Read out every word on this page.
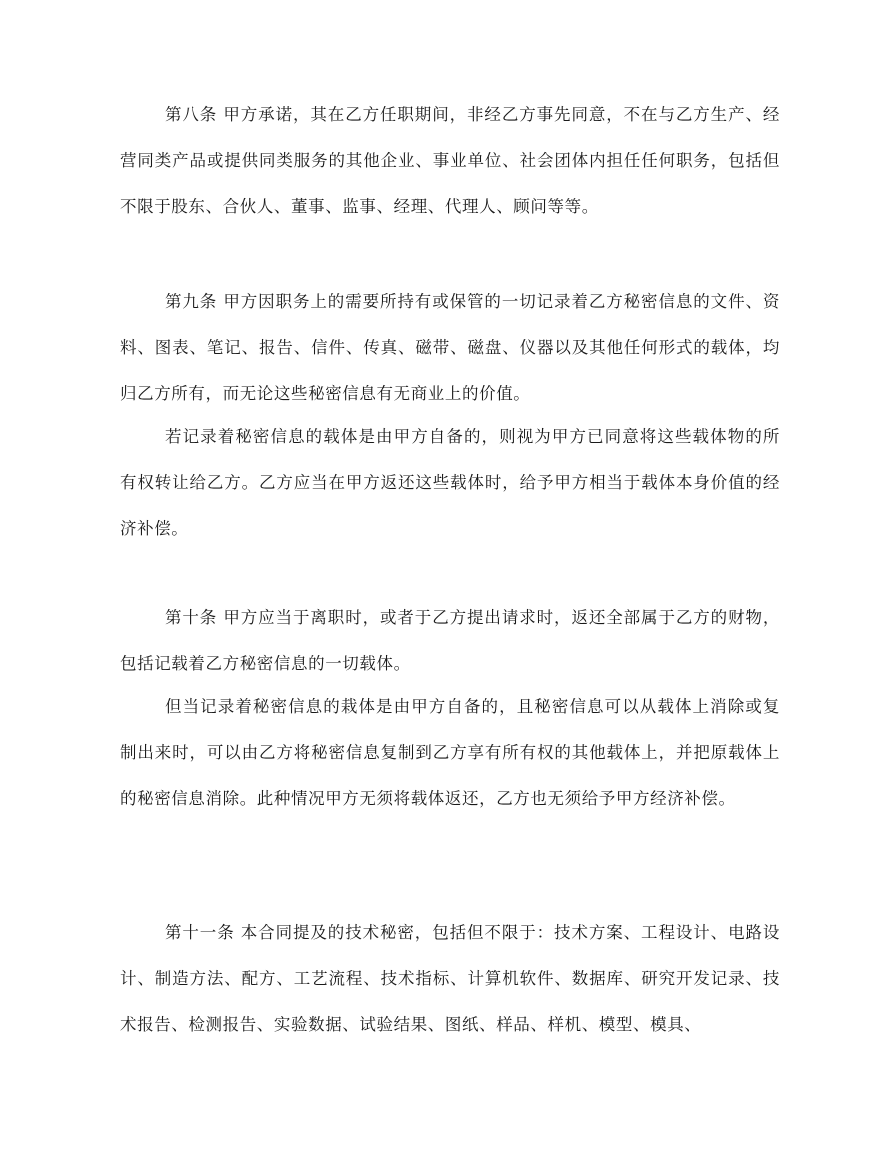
第八条 甲方承诺，其在乙方任职期间，非经乙方事先同意，不在与乙方生产、经营同类产品或提供同类服务的其他企业、事业单位、社会团体内担任任何职务，包括但不限于股东、合伙人、董事、监事、经理、代理人、顾问等等。

第九条 甲方因职务上的需要所持有或保管的一切记录着乙方秘密信息的文件、资料、图表、笔记、报告、信件、传真、磁带、磁盘、仪器以及其他任何形式的载体，均归乙方所有，而无论这些秘密信息有无商业上的价值。

若记录着秘密信息的载体是由甲方自备的，则视为甲方已同意将这些载体物的所有权转让给乙方。乙方应当在甲方返还这些载体时，给予甲方相当于载体本身价值的经济补偿。

第十条 甲方应当于离职时，或者于乙方提出请求时，返还全部属于乙方的财物，包括记载着乙方秘密信息的一切载体。

但当记录着秘密信息的栽体是由甲方自备的，且秘密信息可以从载体上消除或复制出来时，可以由乙方将秘密信息复制到乙方享有所有权的其他载体上，并把原载体上的秘密信息消除。此种情况甲方无须将载体返还，乙方也无须给予甲方经济补偿。

第十一条 本合同提及的技术秘密，包括但不限于：技术方案、工程设计、电路设计、制造方法、配方、工艺流程、技术指标、计算机软件、数据库、研究开发记录、技术报告、检测报告、实验数据、试验结果、图纸、样品、样机、模型、模具、
